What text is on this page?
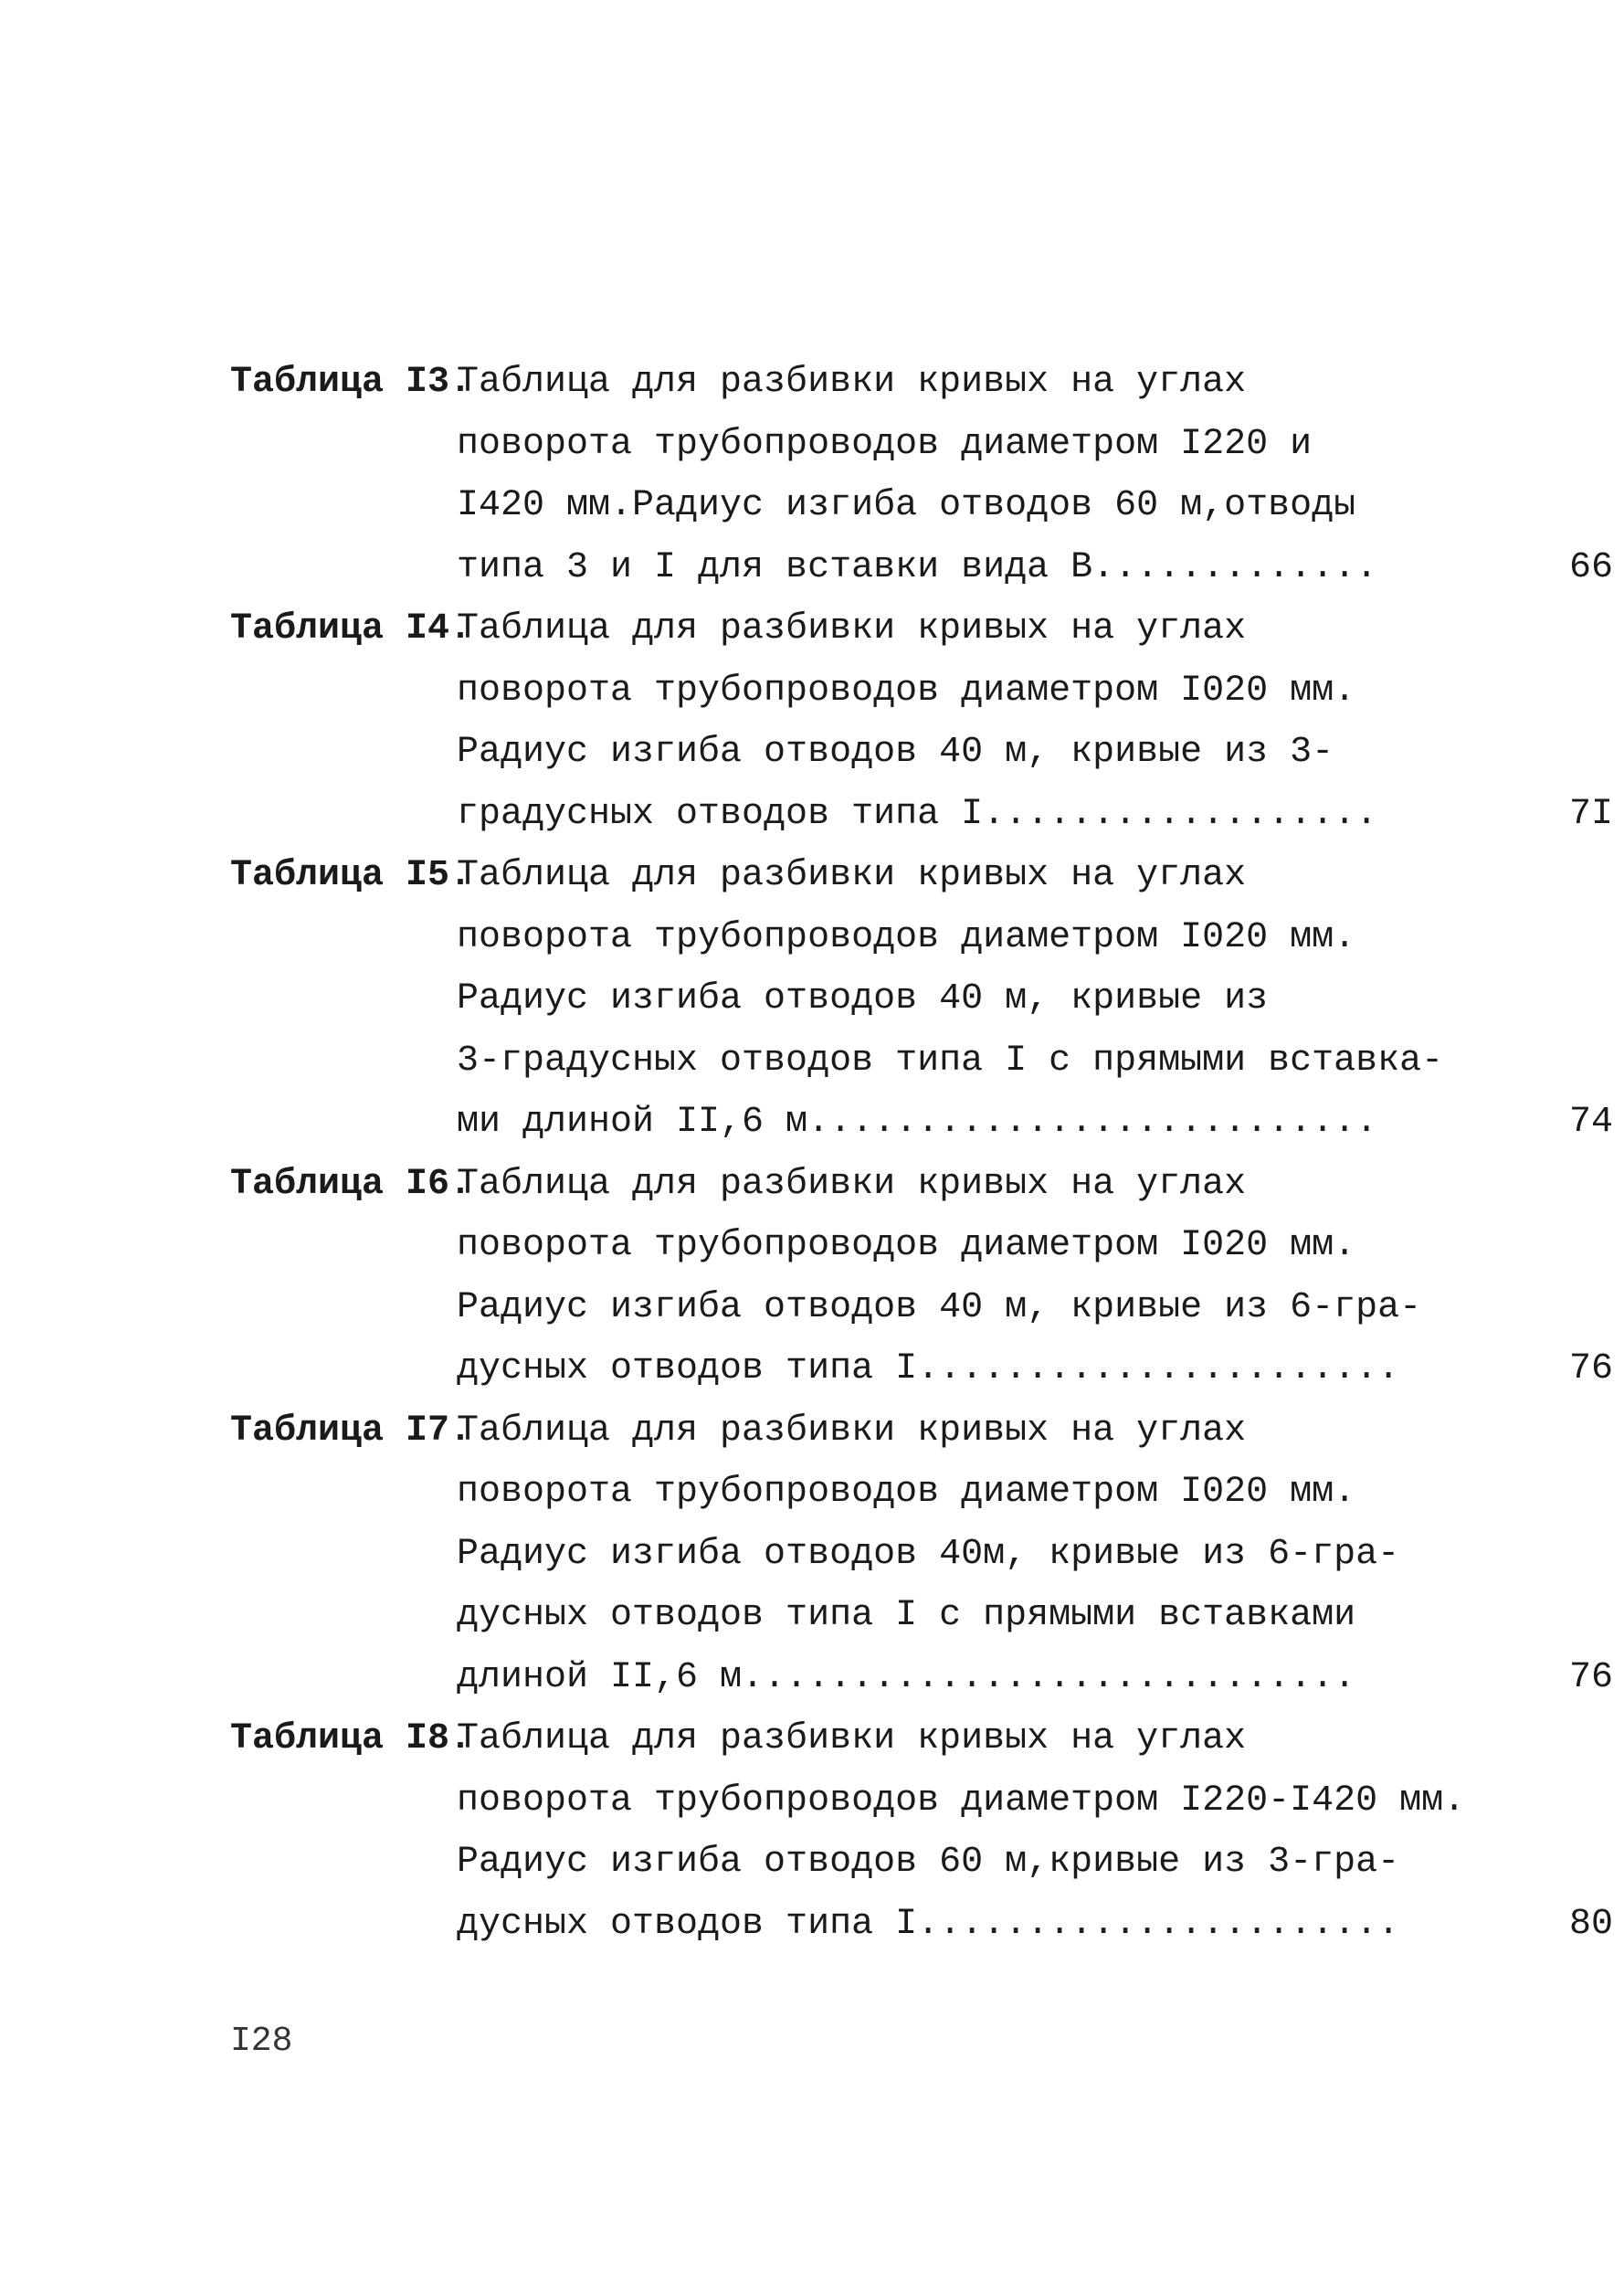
Таблица I3.
Таблица для разбивки кривых на углах
поворота трубопроводов диаметром I220 и
I420 мм.Радиус изгиба отводов 60 м,отводы
типа 3 и I для вставки вида В.............	66
Таблица I4.
Таблица для разбивки кривых на углах
поворота трубопроводов диаметром I020 мм.
Радиус изгиба отводов 40 м, кривые из 3-
градусных отводов типа I..................	7I
Таблица I5.
Таблица для разбивки кривых на углах
поворота трубопроводов диаметром I020 мм.
Радиус изгиба отводов 40 м, кривые из
3-градусных отводов типа I с прямыми вставка-
ми длиной II,6 м..........................	74
Таблица I6.
Таблица для разбивки кривых на углах
поворота трубопроводов диаметром I020 мм.
Радиус изгиба отводов 40 м, кривые из 6-гра-
дусных отводов типа I......................	76
Таблица I7.
Таблица для разбивки кривых на углах
поворота трубопроводов диаметром I020 мм.
Радиус изгиба отводов 40м, кривые из 6-гра-
дусных отводов типа I с прямыми вставками
длиной II,6 м............................	76
Таблица I8.
Таблица для разбивки кривых на углах
поворота трубопроводов диаметром I220-I420 мм.
Радиус изгиба отводов 60 м,кривые из 3-гра-
дусных отводов типа I......................	80
I28
